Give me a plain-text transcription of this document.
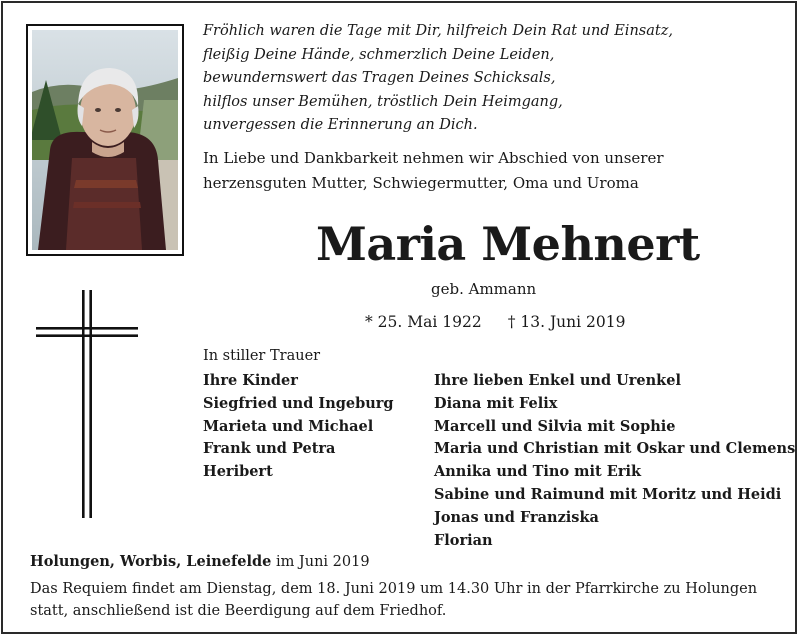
Fröhlich waren die Tage mit Dir, hilfreich Dein Rat und Einsatz,
fleißig Deine Hände, schmerzlich Deine Leiden,
bewundernswert das Tragen Deines Schicksals,
hilflos unser Bemühen, tröstlich Dein Heimgang,
unvergessen die Erinnerung an Dich.
In Liebe und Dankbarkeit nehmen wir Abschied von unserer
herzensguten Mutter, Schwiegermutter, Oma und Uroma
Maria Mehnert
geb. Ammann
* 25. Mai 1922 † 13. Juni 2019
In stiller Trauer
Ihre Kinder
Siegfried und Ingeburg
Marieta und Michael
Frank und Petra
Heribert
Ihre lieben Enkel und Urenkel
Diana mit Felix
Marcell und Silvia mit Sophie
Maria und Christian mit Oskar und Clemens
Annika und Tino mit Erik
Sabine und Raimund mit Moritz und Heidi
Jonas und Franziska
Florian
Holungen, Worbis, Leinefelde im Juni 2019
Das Requiem findet am Dienstag, dem 18. Juni 2019 um 14.30 Uhr in der Pfarrkirche zu Holungen
statt, anschließend ist die Beerdigung auf dem Friedhof.
